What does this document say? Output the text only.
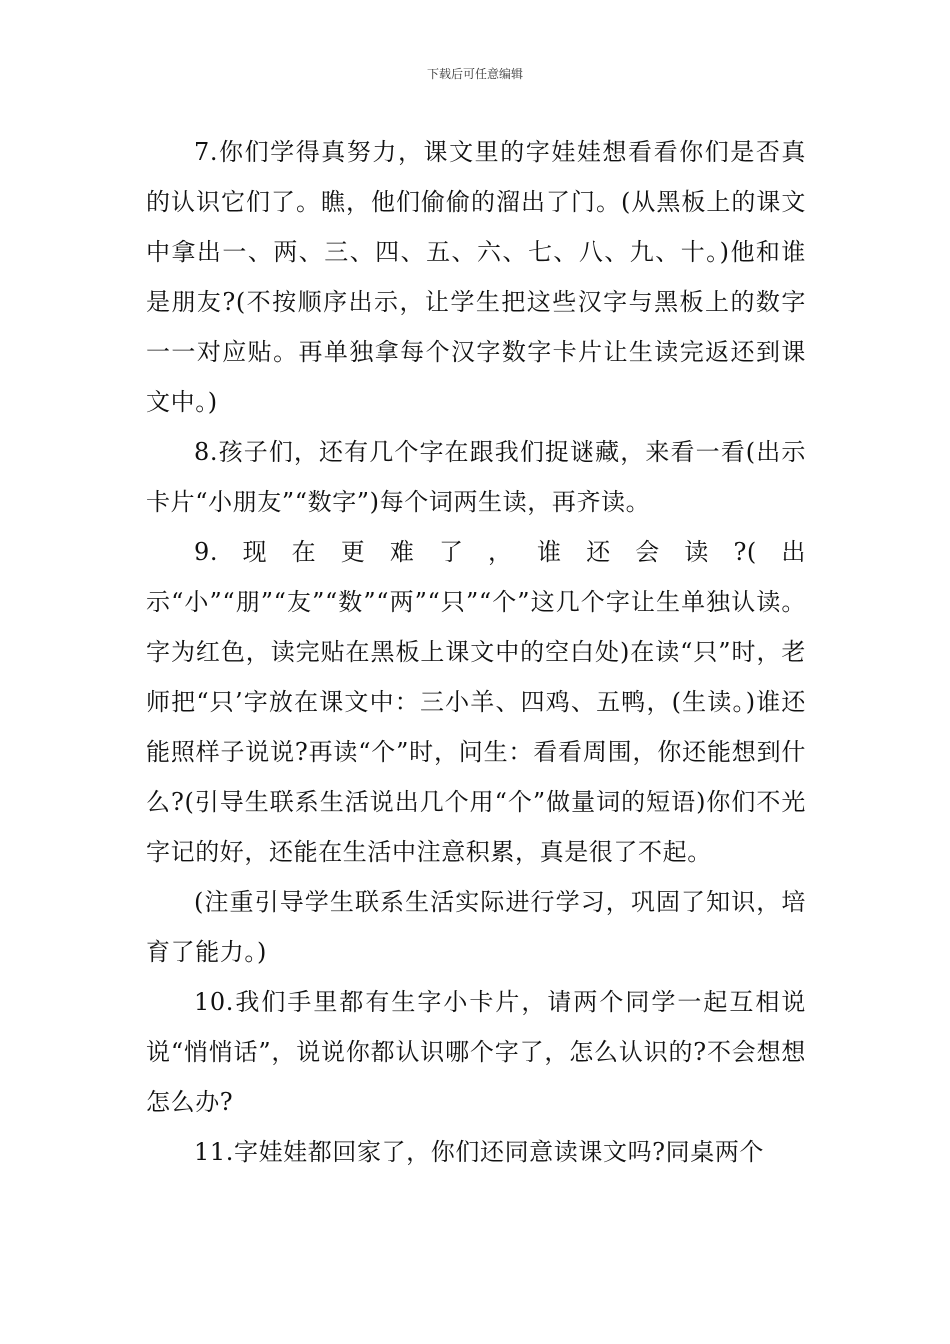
下载后可任意编辑

7.你们学得真努力，课文里的字娃娃想看看你们是否真的认识它们了。瞧，他们偷偷的溜出了门。(从黑板上的课文中拿出一、两、三、四、五、六、七、八、九、十。)他和谁是朋友?(不按顺序出示，让学生把这些汉字与黑板上的数字一一对应贴。再单独拿每个汉字数字卡片让生读完返还到课文中。)

8.孩子们，还有几个字在跟我们捉谜藏，来看一看(出示卡片“小朋友”“数字”)每个词两生读，再齐读。

9.现在更难了，谁还会读?(出示“小”“朋”“友”“数”“两”“只”“个”这几个字让生单独认读。字为红色，读完贴在黑板上课文中的空白处)在读“只”时，老师把“只’字放在课文中：三小羊、四鸡、五鸭，(生读。)谁还能照样子说说?再读“个”时，问生：看看周围，你还能想到什么?(引导生联系生活说出几个用“个”做量词的短语)你们不光字记的好，还能在生活中注意积累，真是很了不起。

(注重引导学生联系生活实际进行学习，巩固了知识，培育了能力。)

10.我们手里都有生字小卡片，请两个同学一起互相说说“悄悄话”，说说你都认识哪个字了，怎么认识的?不会想想怎么办?

11.字娃娃都回家了，你们还同意读课文吗?同桌两个
